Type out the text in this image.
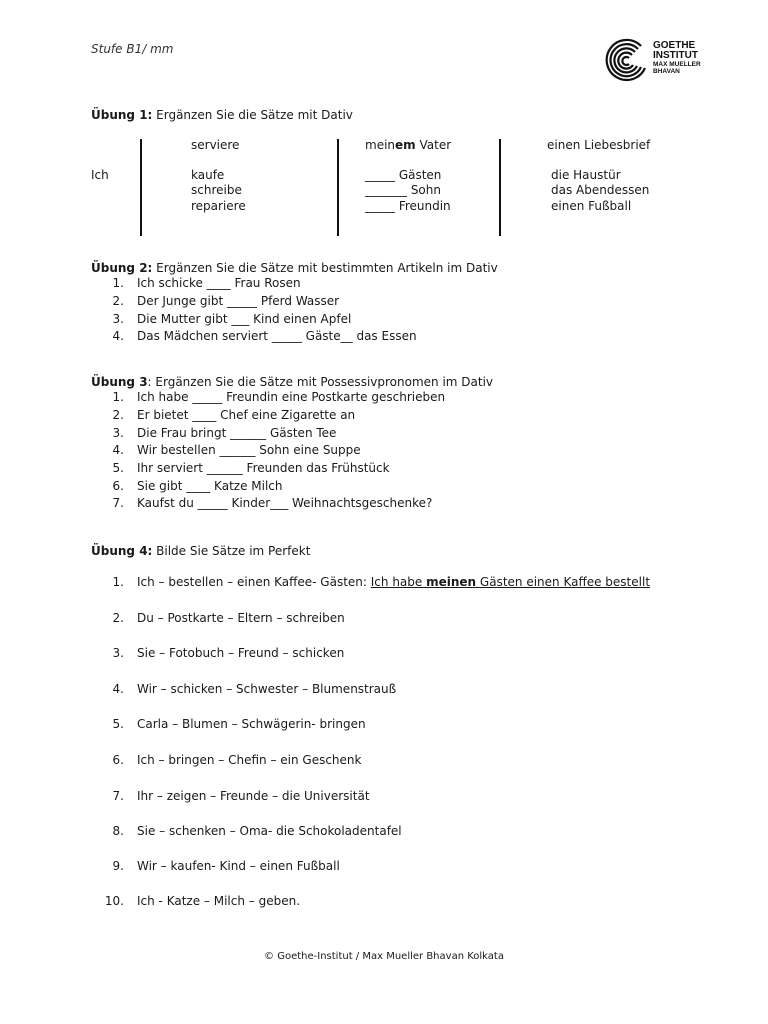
Stufe B1/ mm	GOETHE
INSTITUT
MAX MUELLER
BHAVAN
Übung 1: Ergänzen Sie die Sätze mit Dativ
Ich
serviere
kaufe
schreibe
repariere
meinem Vater
_____ Gästen
_______ Sohn
_____ Freundin
einen Liebesbrief
die Haustür
das Abendessen
einen Fußball
Übung 2: Ergänzen Sie die Sätze mit bestimmten Artikeln im Dativ
1. Ich schicke ____ Frau Rosen
2. Der Junge gibt _____ Pferd Wasser
3. Die Mutter gibt ___ Kind einen Apfel
4. Das Mädchen serviert _____ Gäste__ das Essen
Übung 3: Ergänzen Sie die Sätze mit Possessivpronomen im Dativ
1. Ich habe _____ Freundin eine Postkarte geschrieben
2. Er bietet ____ Chef eine Zigarette an
3. Die Frau bringt ______ Gästen Tee
4. Wir bestellen ______ Sohn eine Suppe
5. Ihr serviert ______ Freunden das Frühstück
6. Sie gibt ____ Katze Milch
7. Kaufst du _____ Kinder___ Weihnachtsgeschenke?
Übung 4: Bilde Sie Sätze im Perfekt
1. Ich – bestellen – einen Kaffee- Gästen: Ich habe meinen Gästen einen Kaffee bestellt
2. Du – Postkarte – Eltern – schreiben
3. Sie – Fotobuch – Freund – schicken
4. Wir – schicken – Schwester – Blumenstrauß
5. Carla – Blumen – Schwägerin- bringen
6. Ich – bringen – Chefin – ein Geschenk
7. Ihr – zeigen – Freunde – die Universität
8. Sie – schenken – Oma- die Schokoladentafel
9. Wir – kaufen- Kind – einen Fußball
10. Ich - Katze – Milch – geben.
© Goethe-Institut / Max Mueller Bhavan Kolkata
